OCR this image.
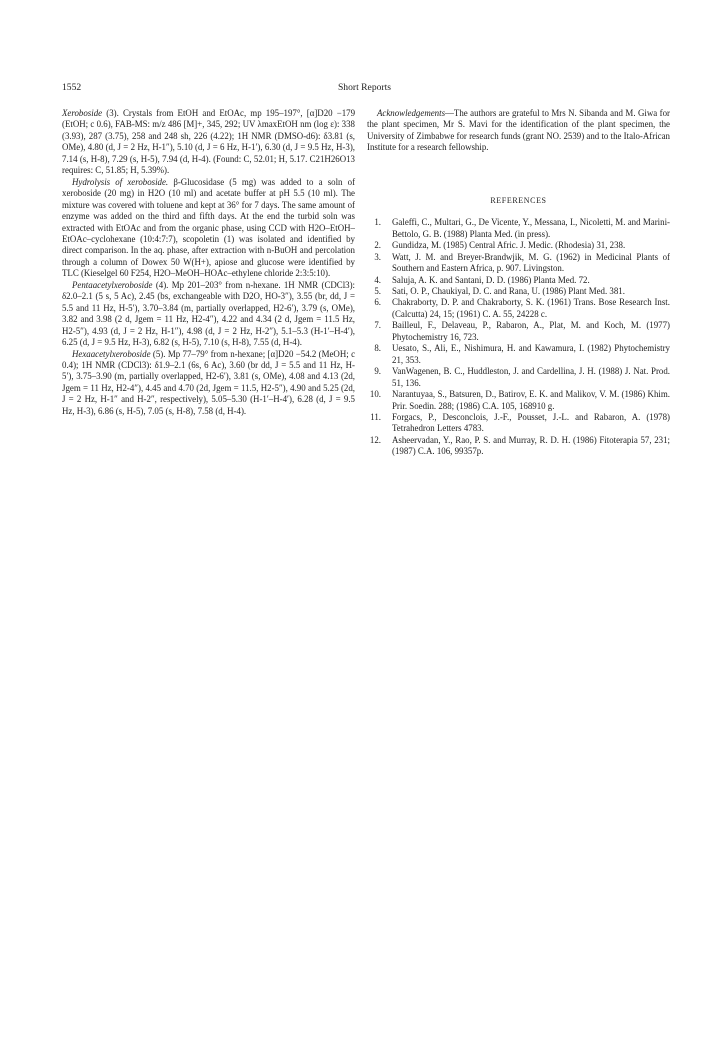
1552	Short Reports

Xeroboside (3). Crystals from EtOH and EtOAc, mp 195–197°, [α]D20 −179 (EtOH; c 0.6), FAB-MS: m/z 486 [M]+, 345, 292; UV λmaxEtOH nm (log ε): 338 (3.93), 287 (3.75), 258 and 248 sh, 226 (4.22); 1H NMR (DMSO-d6): δ3.81 (s, OMe), 4.80 (d, J = 2 Hz, H-1″), 5.10 (d, J = 6 Hz, H-1′), 6.30 (d, J = 9.5 Hz, H-3), 7.14 (s, H-8), 7.29 (s, H-5), 7.94 (d, H-4). (Found: C, 52.01; H, 5.17. C21H26O13 requires: C, 51.85; H, 5.39%).

Hydrolysis of xeroboside. β-Glucosidase (5 mg) was added to a soln of xeroboside (20 mg) in H2O (10 ml) and acetate buffer at pH 5.5 (10 ml). The mixture was covered with toluene and kept at 36° for 7 days. The same amount of enzyme was added on the third and fifth days. At the end the turbid soln was extracted with EtOAc and from the organic phase, using CCD with H2O–EtOH–EtOAc–cyclohexane (10:4:7:7), scopoletin (1) was isolated and identified by direct comparison. In the aq. phase, after extraction with n-BuOH and percolation through a column of Dowex 50 W(H+), apiose and glucose were identified by TLC (Kieselgel 60 F254, H2O–MeOH–HOAc–ethylene chloride 2:3:5:10).

Pentaacetylxeroboside (4). Mp 201–203° from n-hexane. 1H NMR (CDCl3): δ2.0–2.1 (5 s, 5 Ac), 2.45 (bs, exchangeable with D2O, HO-3″), 3.55 (br, dd, J = 5.5 and 11 Hz, H-5′), 3.70–3.84 (m, partially overlapped, H2-6′), 3.79 (s, OMe), 3.82 and 3.98 (2 d, Jgem = 11 Hz, H2-4″), 4.22 and 4.34 (2 d, Jgem = 11.5 Hz, H2-5″), 4.93 (d, J = 2 Hz, H-1″), 4.98 (d, J = 2 Hz, H-2″), 5.1–5.3 (H-1′–H-4′), 6.25 (d, J = 9.5 Hz, H-3), 6.82 (s, H-5), 7.10 (s, H-8), 7.55 (d, H-4).

Hexaacetylxeroboside (5). Mp 77–79° from n-hexane; [α]D20 −54.2 (MeOH; c 0.4); 1H NMR (CDCl3): δ1.9–2.1 (6s, 6 Ac), 3.60 (br dd, J = 5.5 and 11 Hz, H-5′), 3.75–3.90 (m, partially overlapped, H2-6′), 3.81 (s, OMe), 4.08 and 4.13 (2d, Jgem = 11 Hz, H2-4″), 4.45 and 4.70 (2d, Jgem = 11.5, H2-5″), 4.90 and 5.25 (2d, J = 2 Hz, H-1″ and H-2″, respectively), 5.05–5.30 (H-1′–H-4′), 6.28 (d, J = 9.5 Hz, H-3), 6.86 (s, H-5), 7.05 (s, H-8), 7.58 (d, H-4).

Acknowledgements—The authors are grateful to Mrs N. Sibanda and M. Giwa for the plant specimen, Mr S. Mavi for the identification of the plant specimen, the University of Zimbabwe for research funds (grant NO. 2539) and to the Italo-African Institute for a research fellowship.

REFERENCES
1. Galeffi, C., Multari, G., De Vicente, Y., Messana, I., Nicoletti, M. and Marini-Bettolo, G. B. (1988) Planta Med. (in press).
2. Gundidza, M. (1985) Central Afric. J. Medic. (Rhodesia) 31, 238.
3. Watt, J. M. and Breyer-Brandwjik, M. G. (1962) in Medicinal Plants of Southern and Eastern Africa, p. 907. Livingston.
4. Saluja, A. K. and Santani, D. D. (1986) Planta Med. 72.
5. Sati, O. P., Chaukiyal, D. C. and Rana, U. (1986) Plant Med. 381.
6. Chakraborty, D. P. and Chakraborty, S. K. (1961) Trans. Bose Research Inst. (Calcutta) 24, 15; (1961) C. A. 55, 24228 c.
7. Bailleul, F., Delaveau, P., Rabaron, A., Plat, M. and Koch, M. (1977) Phytochemistry 16, 723.
8. Uesato, S., Ali, E., Nishimura, H. and Kawamura, I. (1982) Phytochemistry 21, 353.
9. VanWagenen, B. C., Huddleston, J. and Cardellina, J. H. (1988) J. Nat. Prod. 51, 136.
10. Narantuyaa, S., Batsuren, D., Batirov, E. K. and Malikov, V. M. (1986) Khim. Prir. Soedin. 288; (1986) C.A. 105, 168910 g.
11. Forgacs, P., Desconclois, J.-F., Pousset, J.-L. and Rabaron, A. (1978) Tetrahedron Letters 4783.
12. Asheervadan, Y., Rao, P. S. and Murray, R. D. H. (1986) Fitoterapia 57, 231; (1987) C.A. 106, 99357p.
